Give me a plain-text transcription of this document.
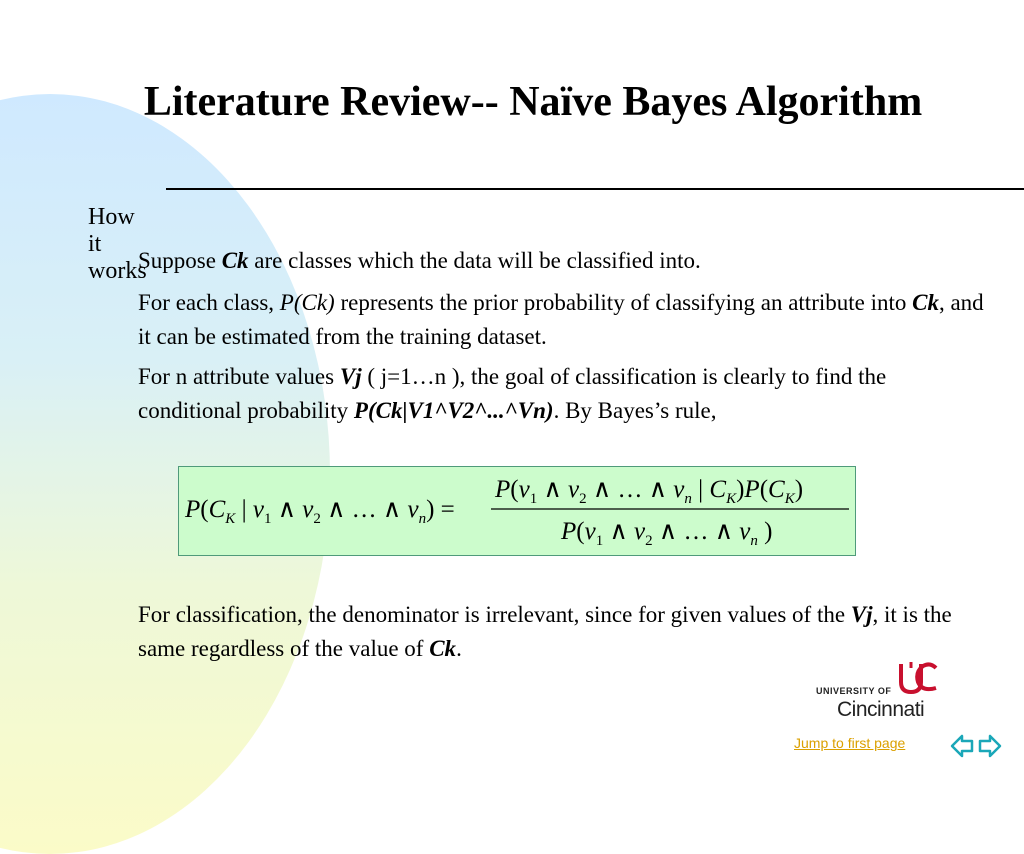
Literature Review-- Naïve Bayes Algorithm
How it works
Suppose Ck are classes which the data will be classified into.
For each class, P(Ck) represents the prior probability of classifying an attribute into Ck, and it can be estimated from the training dataset.
For n attribute values Vj ( j=1…n ), the goal of classification is clearly to find the conditional probability P(Ck|V1^V2^...^Vn). By Bayes’s rule,
For classification, the denominator is irrelevant, since for given values of the Vj, it is the same regardless of the value of Ck.
P(CK | v1 ∧ v2 ∧ … ∧ vn) =
P(v1 ∧ v2 ∧ … ∧ vn | CK)P(CK)
P(v1 ∧ v2 ∧ … ∧ vn )
UNIVERSITY OF
Cincinnati
Jump to first page
